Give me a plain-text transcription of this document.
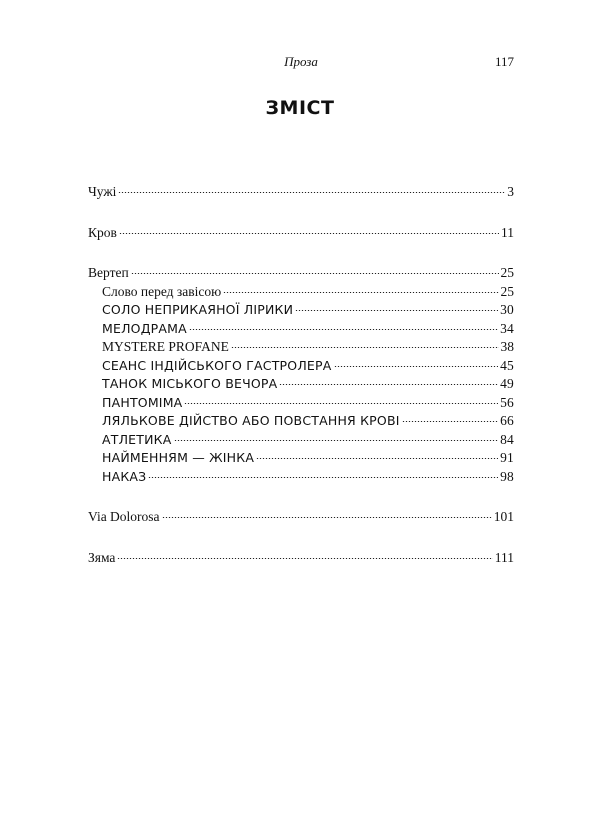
Проза	117
ЗМІСТ
Чужі	3
Кров	11
Вертеп	25
Слово перед завісою	25
СОЛО НЕПРИКАЯНОЇ ЛІРИКИ	30
МЕЛОДРАМА	34
MYSTERE PROFANE	38
СЕАНС ІНДІЙСЬКОГО ГАСТРОЛЕРА	45
ТАНОК МІСЬКОГО ВЕЧОРА	49
ПАНТОМІМА	56
ЛЯЛЬКОВЕ ДІЙСТВО АБО ПОВСТАННЯ КРОВІ	66
АТЛЕТИКА	84
НАЙМЕННЯМ — ЖІНКА	91
НАКАЗ	98
Via Dolorosa	101
Зяма	111
